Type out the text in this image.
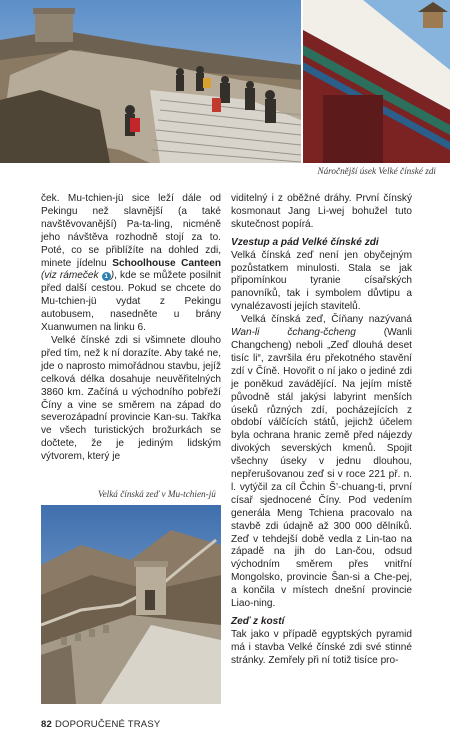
Náročnější úsek Velké čínské zdi

ček. Mu-tchien-jü sice leží dále od Pekingu než slavnější (a také navštěvovanější) Pa-ta-ling, nicméně jeho návštěva rozhodně stojí za to. Poté, co se přiblížíte na dohled zdi, minete jídelnu Schoolhouse Canteen (viz rámeček 1 ), kde se můžete posilnit před další cestou. Pokud se chcete do Mu-tchien-jü vydat z Pekingu autobusem, nasedněte u brány Xuanwumen na linku 6.

Velké čínské zdi si všimnete dlouho před tím, než k ní dorazíte. Aby také ne, jde o naprosto mimořádnou stavbu, jejíž celková délka dosahuje neuvěřitelných 3860 km. Začíná u východního pobřeží Číny a vine se směrem na západ do severozápadní provincie Kan-su. Takřka ve všech turistických brožurkách se dočtete, že je jediným lidským výtvorem, který je

Velká čínská zeď v Mu-tchien-jü

viditelný i z oběžné dráhy. První čínský kosmonaut Jang Li-wej bohužel tuto skutečnost popírá.

Vzestup a pád Velké čínské zdi

Velká čínská zeď není jen obyčejným pozůstatkem minulosti. Stala se jak připomínkou tyranie císařských panovníků, tak i symbolem důvtipu a vynalézavosti jejích stavitelů.

Velká čínská zeď, Číňany nazývaná Wan-li čchang-čcheng (Wanli Changcheng) neboli „Zeď dlouhá deset tisíc li“, završila éru překotného stavění zdí v Číně. Hovořit o ní jako o jediné zdi je poněkud zavádějící. Na jejím místě původně stál jakýsi labyrint menších úseků různých zdí, pocházejících z období válčících států, jejichž účelem byla ochrana hranic země před nájezdy divokých severských kmenů. Spojit všechny úseky v jednu dlouhou, nepřerušovanou zeď si v roce 221 př. n. l. vytýčil za cíl Čchin Š’-chuang-ti, první císař sjednocené Číny. Pod vedením generála Meng Tchiena pracovalo na stavbě zdi údajně až 300 000 dělníků. Zeď v tehdejší době vedla z Lin-tao na západě na jih do Lan-čou, odsud východním směrem přes vnitřní Mongolsko, provincie Šan-si a Che-pej, a končila v místech dnešní provincie Liao-ning.

Zeď z kostí

Tak jako v případě egyptských pyramid má i stavba Velké čínské zdi své stinné stránky. Zemřely při ní totiž tisíce pro-

82 DOPORUČENÉ TRASY
